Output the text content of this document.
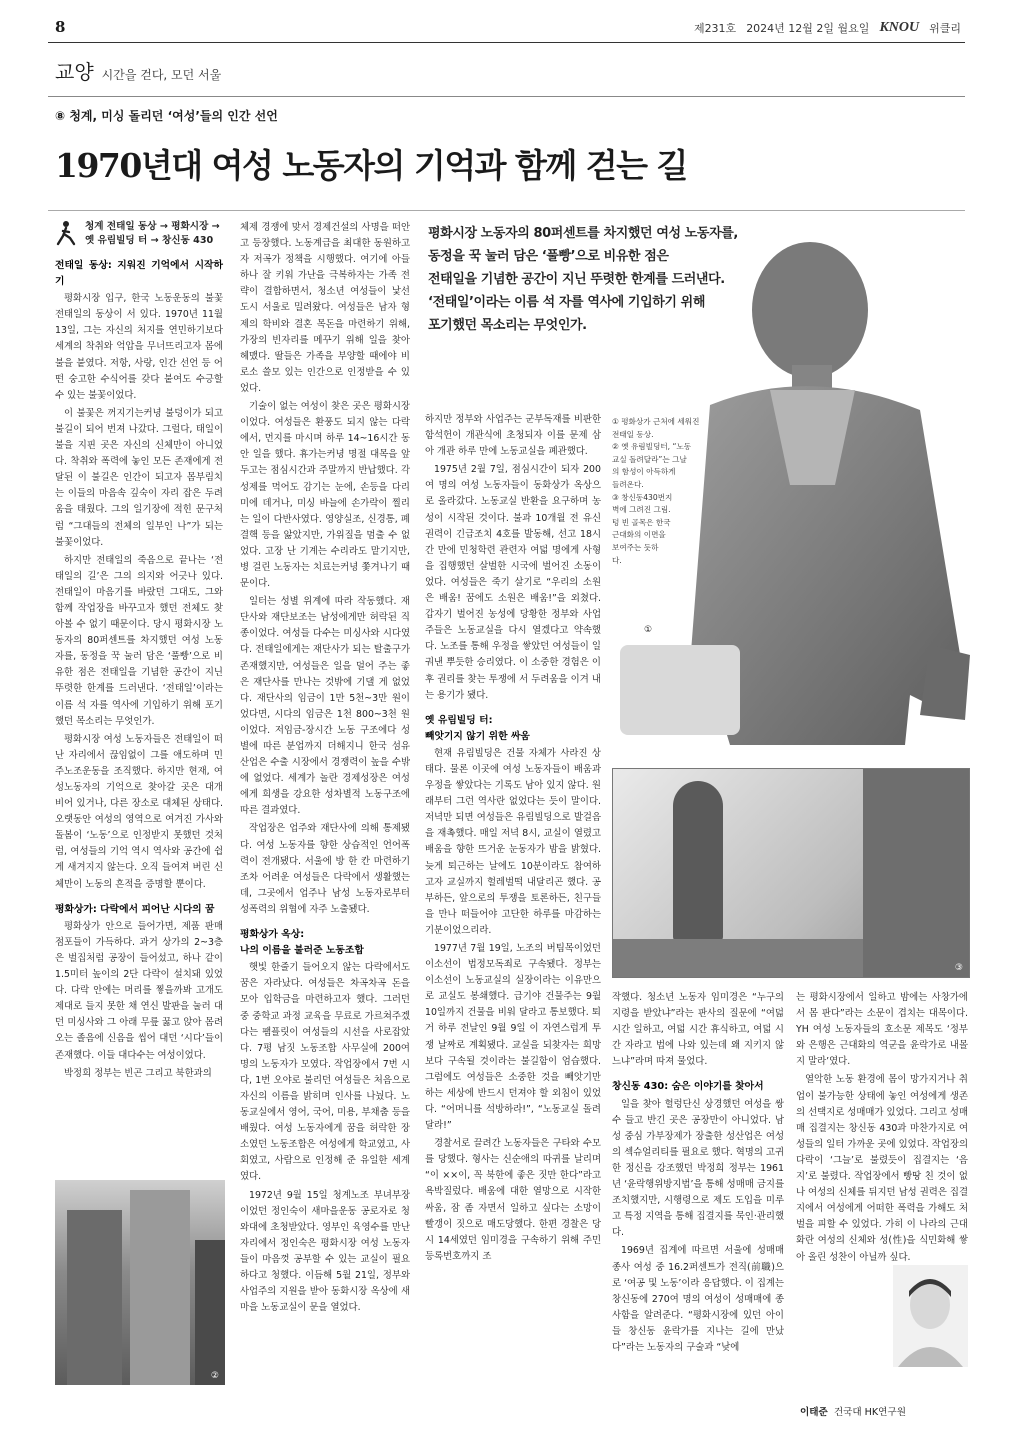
8	제231호 2024년 12월 2일 월요일 KNOU 위클리
교양 시간을 걷다, 모던 서울
⑧ 청계, 미싱 돌리던 ‘여성’들의 인간 선언
1970년대 여성 노동자의 기억과 함께 걷는 길
청계 전태일 동상 → 평화시장 →
옛 유림빌딩 터 → 창신동 430
전태일 동상: 지워진 기억에서 시작하기

평화시장 입구, 한국 노동운동의 불꽃 전태일의 동상이 서 있다. 1970년 11월 13일, 그는 자신의 처지를 연민하기보다 세계의 착취와 억압을 무너뜨리고자 몸에 불을 붙였다. 저항, 사랑, 인간 선언 등 어떤 숭고한 수식어를 갖다 붙여도 수긍할 수 있는 불꽃이었다.

이 불꽃은 꺼지기는커녕 불덩이가 되고 불길이 되어 번져 나갔다. 그럴다, 태일이 불을 지핀 곳은 자신의 신체만이 아니었다. 착취와 폭력에 놓인 모든 존재에게 전달된 이 불길은 인간이 되고자 몸부림치는 이들의 마음속 깊숙이 자리 잡은 두려움을 태웠다. 그의 일기장에 적힌 문구처럼 “그대들의 전체의 일부인 나”가 되는 불꽃이었다.

하지만 전태일의 죽음으로 끝나는 ‘전태일의 길’은 그의 의지와 어긋나 있다. 전태일이 마음기를 바랐던 그대도, 그와 함께 작업장을 바꾸고자 했던 전체도 찾아볼 수 없기 때문이다. 당시 평화시장 노동자의 80퍼센트를 차지했던 여성 노동자를, 동정을 꾹 눌러 담은 ‘풀빵’으로 비유한 점은 전태일을 기념한 공간이 지닌 뚜렷한 한계를 드러낸다. ‘전태일’이라는 이름 석 자를 역사에 기입하기 위해 포기했던 목소리는 무엇인가.

평화시장 여성 노동자들은 전태일이 떠난 자리에서 끊임없이 그를 애도하며 민주노조운동을 조직했다. 하지만 현재, 여성노동자의 기억으로 찾아갈 곳은 대개 비어 있거나, 다른 장소로 대체된 상태다. 오랫동안 여성의 영역으로 여겨진 가사와 돌봄이 ‘노동’으로 인정받지 못했던 것처럼, 여성들의 기억 역시 역사와 공간에 쉽게 새겨지지 않는다. 오직 들여져 버린 신체만이 노동의 흔적을 증명할 뿐이다.

평화상가: 다락에서 피어난 시다의 꿈

평화상가 안으로 들어가면, 제품 판매점포들이 가득하다. 과거 상가의 2~3층은 벌집처럼 공장이 들어섰고, 하나 같이 1.5미터 높이의 2단 다락이 설치돼 있었다. 다락 안에는 머리를 찧을까봐 고개도 제대로 들지 못한 채 연신 발판을 눌러 대던 미싱사와 그 아래 무릎 꿇고 앉아 몸려오는 졸음에 신음을 씹어 대던 ‘시다’들이 존재했다. 이들 대다수는 여성이었다.

박정희 정부는 빈곤 그리고 북한과의

②

체제 경쟁에 맞서 경제건설의 사명을 떠안고 등장했다. 노동계급을 최대한 동원하고자 저곡가 정책을 시행했다. 여기에 아들 하나 잘 키워 가난을 극복하자는 가족 전략이 결합하면서, 청소년 여성들이 낯선 도시 서울로 밀려왔다. 여성들은 남자 형제의 학비와 결혼 목돈을 마련하기 위해, 가장의 빈자리를 메꾸기 위해 일을 찾아 헤맸다. 딸들은 가족을 부양할 때에야 비로소 쓸모 있는 인간으로 인정받을 수 있었다.

기술이 없는 여성이 찾은 곳은 평화시장이었다. 여성들은 환풍도 되지 않는 다락에서, 먼지를 마시며 하루 14~16시간 동안 일을 했다. 휴가는커녕 명절 대목을 앞두고는 점심시간과 주말까지 반납했다. 각성제를 먹어도 감기는 눈에, 손등을 다리미에 데거나, 미싱 바늘에 손가락이 찔리는 일이 다반사였다. 영양실조, 신경통, 폐결핵 등을 앓았지만, 가위질을 멈출 수 없었다. 고장 난 기계는 수리라도 맡기지만, 병 걸린 노동자는 치료는커녕 쫓겨나기 때문이다.

일터는 성별 위계에 따라 작동했다. 재단사와 재단보조는 남성에게만 허락된 직종이었다. 여성들 다수는 미싱사와 시다였다. 전태일에게는 재단사가 되는 탈출구가 존재했지만, 여성들은 일을 덜어 주는 좋은 재단사를 만나는 것밖에 기댈 게 없었다. 재단사의 임금이 1만 5천~3만 원이었다면, 시다의 임금은 1천 800~3천 원이었다. 저임금-장시간 노동 구조에다 성별에 따른 분업까지 더해지니 한국 섬유 산업은 수출 시장에서 경쟁력이 높을 수밖에 없었다. 세계가 놀란 경제성장은 여성에게 희생을 강요한 성차별적 노동구조에 따른 결과였다.

작업장은 업주와 재단사에 의해 통제됐다. 여성 노동자를 향한 상습적인 언어폭력이 전개됐다. 서울에 방 한 칸 마련하기조차 어려운 여성들은 다락에서 생활했는데, 그곳에서 업주나 남성 노동자로부터 성폭력의 위협에 자주 노출됐다.

평화상가 옥상:
나의 이름을 불러준 노동조합

햇빛 한줄기 들어오지 않는 다락에서도 꿈은 자라났다. 여성들은 차곡차곡 돈을 모아 입학금을 마련하고자 했다. 그러던 중 중학교 과정 교육을 무료로 가르쳐주겠다는 팸플릿이 여성들의 시선을 사로잡았다. 7평 남짓 노동조합 사무실에 200여 명의 노동자가 모였다. 작업장에서 7번 시다, 1번 오야로 불리던 여성들은 처음으로 자신의 이름을 밝히며 인사를 나눴다. 노동교실에서 영어, 국어, 미용, 부채춤 등을 배웠다. 여성 노동자에게 꿈을 허락한 장소였던 노동조합은 여성에게 학교였고, 사회였고, 사람으로 인정해 준 유일한 세계였다.

1972년 9월 15일 청계노조 부녀부장이었던 정인숙이 새마을운동 공로자로 청와대에 초청받았다. 영부인 육영수를 만난 자리에서 정인숙은 평화시장 여성 노동자들이 마음껏 공부할 수 있는 교실이 필요하다고 청했다. 이듬해 5월 21일, 정부와 사업주의 지원을 받아 동화시장 옥상에 새마을 노동교실이 문을 열었다.

평화시장 노동자의 80퍼센트를 차지했던 여성 노동자를,
동정을 꾹 눌러 담은 ‘풀빵’으로 비유한 점은
전태일을 기념한 공간이 지닌 뚜렷한 한계를 드러낸다.
‘전태일’이라는 이름 석 자를 역사에 기입하기 위해
포기했던 목소리는 무엇인가.
①
① 평화상가 근처에 세워진
전태일 동상.
② 옛 유림빌딩터, “노동
교실 돌려달라”는 그날
의 함성이 아득하게
들려온다.
③ 창신동430번지
벽에 그려진 그림.
텅 빈 골목은 한국
근대화의 이면을
보여주는 듯하
다.

하지만 정부와 사업주는 군부독재를 비판한 함석헌이 개관식에 초청되자 이를 문제 삼아 개관 하루 만에 노동교실을 폐관했다.

1975년 2월 7일, 점심시간이 되자 200여 명의 여성 노동자들이 동화상가 옥상으로 올라갔다. 노동교실 반환을 요구하며 농성이 시작된 것이다. 불과 10개월 전 유신 권력이 긴급조치 4호를 발동해, 선고 18시간 만에 민청학련 관련자 여덟 명에게 사형을 집행했던 살벌한 시국에 벌어진 소동이었다. 여성들은 죽기 살기로 “우리의 소원은 배움! 꿈에도 소원은 배움!”을 외쳤다. 갑자기 벌어진 농성에 당황한 정부와 사업주들은 노동교실을 다시 열겠다고 약속했다. 노조를 통해 우정을 쌓았던 여성들이 일궈낸 뿌듯한 승리였다. 이 소중한 경험은 이후 권리를 찾는 투쟁에 서 두려움을 이겨 내는 용기가 됐다.

옛 유림빌딩 터:
빼앗기지 않기 위한 싸움

현재 유림빌딩은 건물 자체가 사라진 상태다. 물론 이곳에 여성 노동자들이 배움과 우정을 쌓았다는 기록도 남아 있지 않다. 원래부터 그런 역사란 없었다는 듯이 말이다. 저녁만 되면 여성들은 유림빌딩으로 발걸음을 재촉했다. 매일 저녁 8시, 교실이 열렸고 배움을 향한 뜨거운 눈동자가 밤을 밝혔다. 늦게 퇴근하는 날에도 10분이라도 참여하고자 교실까지 헐레벌떡 내달리곤 했다. 공부하든, 앞으로의 투쟁을 토론하든, 친구들을 만나 떠들어야 고단한 하루를 마감하는 기분이었으리라.

1977년 7월 19일, 노조의 버팀목이었던 이소선이 법정모독죄로 구속됐다. 정부는 이소선이 노동교실의 실장이라는 이유만으로 교실도 봉쇄했다. 급기야 건물주는 9월 10일까지 건물을 비워 달라고 통보했다. 퇴거 하루 전날인 9월 9일 이 자연스럽게 투쟁 날짜로 계획됐다. 교실을 되찾자는 희망보다 구속될 것이라는 불길함이 엄습했다. 그럼에도 여성들은 소중한 것을 빼앗기만 하는 세상에 반드시 던져야 할 외침이 있었다. “어머니를 석방하라!”, “노동교실 돌려 달라!”

경찰서로 끌려간 노동자들은 구타와 수모를 당했다. 형사는 신순애의 따귀를 날리며 “이 ××이, 꼭 북한에 좋은 짓만 한다”라고 욕박질렀다. 배움에 대한 열망으로 시작한 싸움, 잠 좀 자면서 일하고 싶다는 소망이 빨갱이 짓으로 매도당했다. 한편 경찰은 당시 14세였던 임미경을 구속하기 위해 주민등록번호까지 조

③

작했다. 청소년 노동자 임미경은 “누구의 지령을 받았냐”라는 판사의 질문에 “여덟 시간 일하고, 여덟 시간 휴식하고, 여덟 시간 자라고 법에 나와 있는데 왜 지키지 않느냐”라며 따져 물었다.

창신동 430: 숨은 이야기를 찾아서

일을 찾아 헐렁단신 상경했던 여성을 쌍수 들고 반긴 곳은 공장만이 아니었다. 남성 중심 가부장제가 장출한 성산업은 여성의 섹슈얼리티를 필요로 했다. 혁명의 고귀한 정신을 강조했던 박정희 정부는 1961년 ‘윤락행위방지법’을 통해 성매매 금지를 조치했지만, 시행령으로 제도 도입을 미루고 특정 지역을 통해 집결지를 묵인·관리했다.

1969년 집계에 따르면 서울에 성매매 종사 여성 중 16.2퍼센트가 전직(前職)으로 ‘여공 및 노동’이라 응답했다. 이 집계는 창신동에 270여 명의 여성이 성매매에 종사함을 알려준다. “평화시장에 있던 아이들 창신동 윤락가를 지나는 길에 만났다”라는 노동자의 구술과 “낮에

는 평화시장에서 일하고 밤에는 사창가에서 몸 판다”라는 소문이 겹치는 대목이다. YH 여성 노동자들의 호소문 제목도 ‘정부와 은행은 근대화의 역군을 윤락가로 내몰지 말라’였다.

열악한 노동 환경에 몸이 망가지거나 취업이 불가능한 상태에 놓인 여성에게 생존의 선택지로 성매매가 있었다. 그리고 성매매 집결지는 창신동 430과 마찬가지로 여성들의 일터 가까운 곳에 있었다. 작업장의 다락이 ‘그늘’로 불렸듯이 집결지는 ‘음지’로 불렸다. 작업장에서 빵땅 친 것이 없나 여성의 신체를 뒤지던 남성 권력은 집결지에서 여성에게 어떠한 폭력을 가해도 처벌을 피할 수 있었다. 가히 이 나라의 근대화란 여성의 신체와 성(性)을 식민화해 쌓아 올린 성찬이 아닐까 싶다.

이태준 건국대 HK연구원
